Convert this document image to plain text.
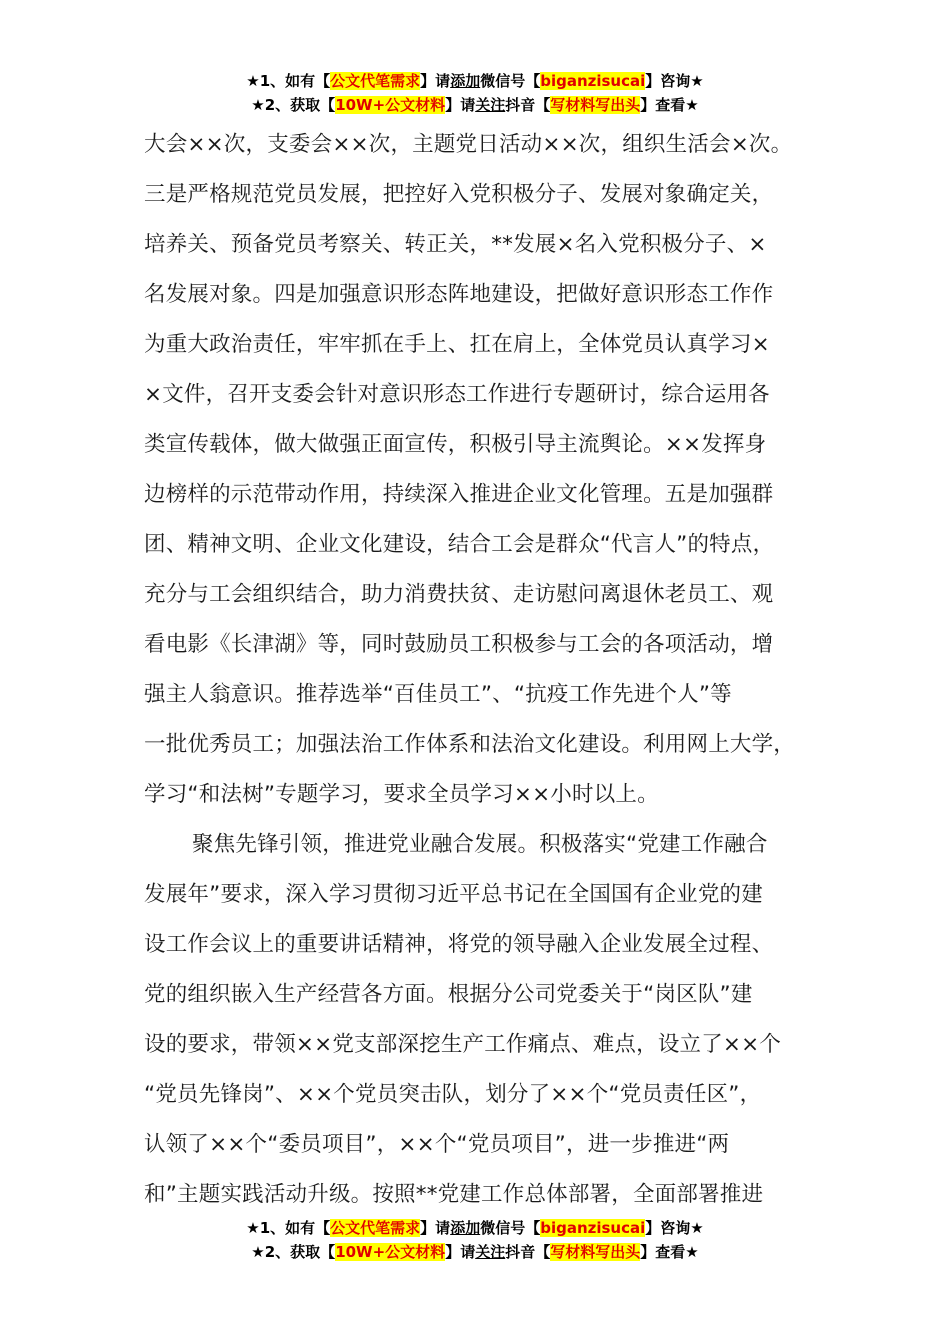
★1、如有【公文代笔需求】请添加微信号【biganzisucai】咨询★
★2、获取【10W+公文材料】请关注抖音【写材料写出头】查看★

大会××次，支委会××次，主题党日活动××次，组织生活会×次。
三是严格规范党员发展，把控好入党积极分子、发展对象确定关，
培养关、预备党员考察关、转正关，**发展×名入党积极分子、×
名发展对象。四是加强意识形态阵地建设，把做好意识形态工作作
为重大政治责任，牢牢抓在手上、扛在肩上，全体党员认真学习×
×文件，召开支委会针对意识形态工作进行专题研讨，综合运用各
类宣传载体，做大做强正面宣传，积极引导主流舆论。××发挥身
边榜样的示范带动作用，持续深入推进企业文化管理。五是加强群
团、精神文明、企业文化建设，结合工会是群众“代言人”的特点，
充分与工会组织结合，助力消费扶贫、走访慰问离退休老员工、观
看电影《长津湖》等，同时鼓励员工积极参与工会的各项活动，增
强主人翁意识。推荐选举“百佳员工”、“抗疫工作先进个人”等
一批优秀员工；加强法治工作体系和法治文化建设。利用网上大学，
学习“和法树”专题学习，要求全员学习××小时以上。

聚焦先锋引领，推进党业融合发展。积极落实“党建工作融合
发展年”要求，深入学习贯彻习近平总书记在全国国有企业党的建
设工作会议上的重要讲话精神，将党的领导融入企业发展全过程、
党的组织嵌入生产经营各方面。根据分公司党委关于“岗区队”建
设的要求，带领××党支部深挖生产工作痛点、难点，设立了××个
“党员先锋岗”、××个党员突击队，划分了××个“党员责任区”，
认领了××个“委员项目”，××个“党员项目”，进一步推进“两
和”主题实践活动升级。按照**党建工作总体部署，全面部署推进

★1、如有【公文代笔需求】请添加微信号【biganzisucai】咨询★
★2、获取【10W+公文材料】请关注抖音【写材料写出头】查看★
